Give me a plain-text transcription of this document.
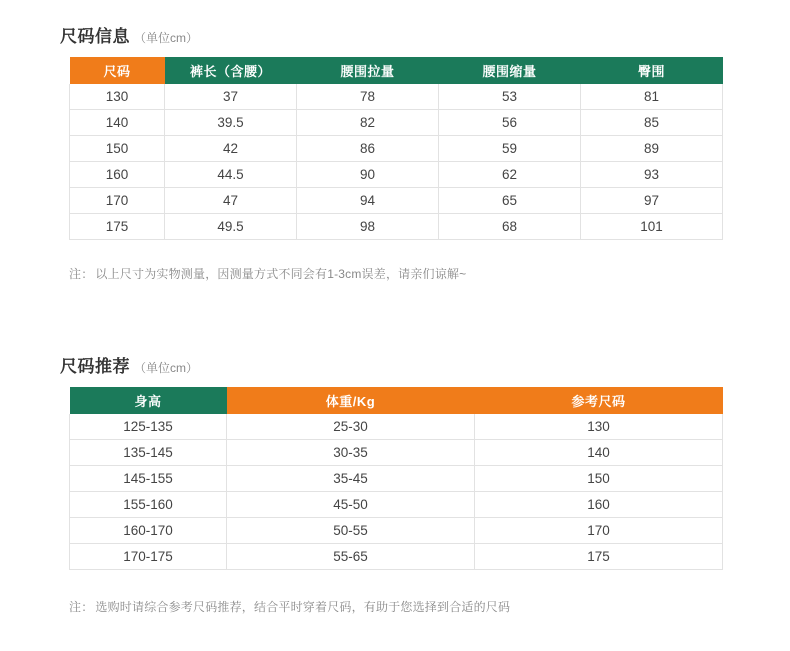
尺码信息 （单位cm）
尺码	裤长（含腰）	腰围拉量	腰围缩量	臀围
130	37	78	53	81
140	39.5	82	56	85
150	42	86	59	89
160	44.5	90	62	93
170	47	94	65	97
175	49.5	98	68	101
注： 以上尺寸为实物测量，因测量方式不同会有1-3cm误差，请亲们谅解~
尺码推荐 （单位cm）
身高	体重/Kg	参考尺码
125-135	25-30	130
135-145	30-35	140
145-155	35-45	150
155-160	45-50	160
160-170	50-55	170
170-175	55-65	175
注： 选购时请综合参考尺码推荐，结合平时穿着尺码，有助于您选择到合适的尺码
